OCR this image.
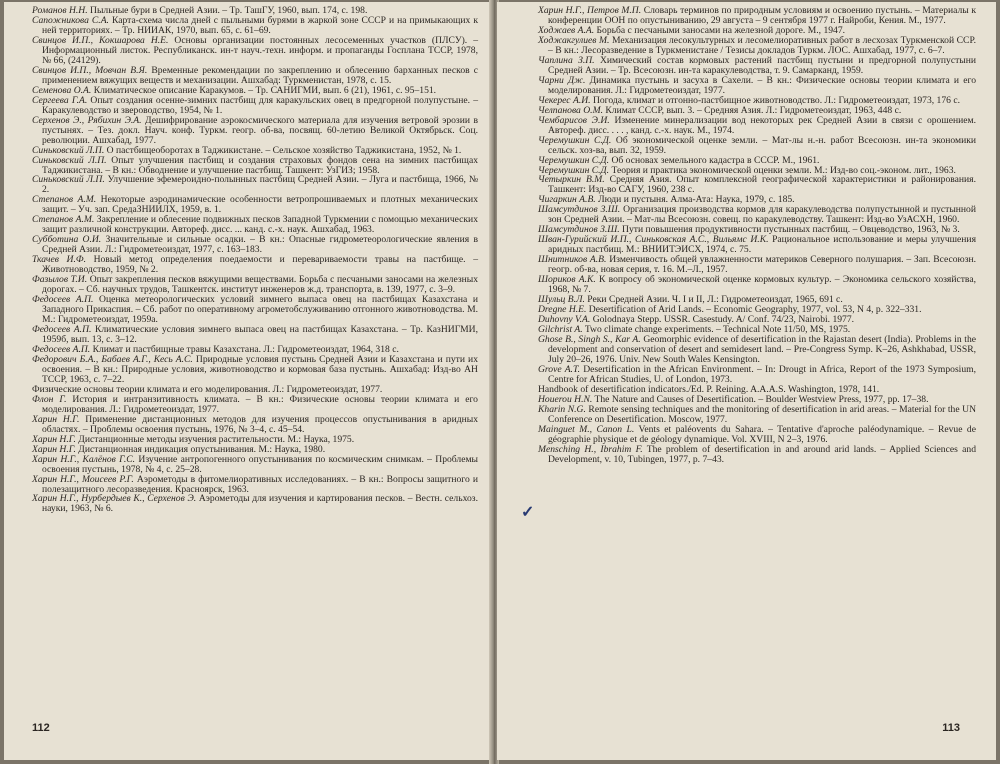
Романов Н.Н. Пыльные бури в Средней Азии. – Тр. ТашГУ, 1960, вып. 174, с. 198.

Сапожникова С.А. Карта-схема числа дней с пыльными бурями в жаркой зоне СССР и на примыкающих к ней территориях. – Тр. НИИАК, 1970, вып. 65, с. 61–69.

Свинцов И.П., Кокшарова Н.Е. Основы организации постоянных лесосеменных участков (ПЛСУ). – Информационный листок. Республиканск. ин-т науч.-техн. информ. и пропаганды Госплана ТССР, 1978, № 66, (24129).

Свинцов И.П., Мовчан В.Я. Временные рекомендации по закреплению и облесению барханных песков с применением вяжущих веществ и механизации. Ашхабад: Туркменистан, 1978, с. 15.

Семенова О.А. Климатическое описание Каракумов. – Тр. САНИГМИ, вып. 6 (21), 1961, с. 95–151.

Сергеева Г.А. Опыт создания осенне-зимних пастбищ для каракульских овец в предгорной полупустыне. – Каракулеводство и звероводство, 1954, № 1.

Серхенов Э., Рябихин Э.А. Дешифрирование аэрокосмического материала для изучения ветровой эрозии в пустынях. – Тез. докл. Науч. конф. Туркм. геогр. об-ва, посвящ. 60-летию Великой Октябрьск. Соц. революции. Ашхабад, 1977.

Синьковский Л.П. О пастбищеоборотах в Таджикистане. – Сельское хозяйство Таджикистана, 1952, № 1.

Синьковский Л.П. Опыт улучшения пастбищ и создания страховых фондов сена на зимних пастбищах Таджикистана. – В кн.: Обводнение и улучшение пастбищ. Ташкент: УзГИЗ; 1958.

Синьковский Л.П. Улучшение эфемероидно-полынных пастбищ Средней Азии. – Луга и пастбища, 1966, № 2.

Степанов А.М. Некоторые аэродинамические особенности ветропрошиваемых и плотных механических защит. – Уч. зап. СредаЗНИИЛХ, 1959, в. 1.

Степанов А.М. Закрепление и облесение подвижных песков Западной Туркмении с помощью механических защит различной конструкции. Автореф. дисс. ... канд. с.-х. наук. Ашхабад, 1963.

Субботина О.И. Значительные и сильные осадки. – В кн.: Опасные гидрометеорологические явления в Средней Азии. Л.: Гидрометеоиздат, 1977, с. 163–183.

Ткачев И.Ф. Новый метод определения поедаемости и перевариваемости травы на пастбище. – Животноводство, 1959, № 2.

Фазылов Т.И. Опыт закрепления песков вяжущими веществами. Борьба с песчаными заносами на железных дорогах. – Сб. научных трудов, Ташкентск. институт инженеров ж.д. транспорта, в. 139, 1977, с. 3–9.

Федосеев А.П. Оценка метеорологических условий зимнего выпаса овец на пастбищах Казахстана и Западного Прикаспия. – Сб. работ по оперативному агрометобслуживанию отгонного животноводства. М. М.: Гидрометеоиздат, 1959а.

Федосеев А.П. Климатические условия зимнего выпаса овец на пастбищах Казахстана. – Тр. КазНИГМИ, 1959б, вып. 13, с. 3–12.

Федосеев А.П. Климат и пастбищные травы Казахстана. Л.: Гидрометеоиздат, 1964, 318 с.

Федорович Б.А., Бабаев А.Г., Кесь А.С. Природные условия пустынь Средней Азии и Казахстана и пути их освоения. – В кн.: Природные условия, животноводство и кормовая база пустынь. Ашхабад: Изд-во АН ТССР, 1963, с. 7–22.

Физические основы теории климата и его моделирования. Л.: Гидрометеоиздат, 1977.

Флон Г. История и интранзитивность климата. – В кн.: Физические основы теории климата и его моделирования. Л.: Гидрометеоиздат, 1977.

Харин Н.Г. Применение дистанционных методов для изучения процессов опустынивания в аридных областях. – Проблемы освоения пустынь, 1976, № 3–4, с. 45–54.

Харин Н.Г. Дистанционные методы изучения растительности. М.: Наука, 1975.

Харин Н.Г. Дистанционная индикация опустынивания. М.: Наука, 1980.

Харин Н.Г., Калёнов Г.С. Изучение антропогенного опустынивания по космическим снимкам. – Проблемы освоения пустынь, 1978, № 4, с. 25–28.

Харин Н.Г., Моисеев Р.Г. Аэрометоды в фитомелиоративных исследованиях. – В кн.: Вопросы защитного и полезащитного лесоразведения. Красноярск, 1963.

Харин Н.Г., Нурбердыев К., Серхенов Э. Аэрометоды для изучения и картирования песков. – Вестн. сельхоз. науки, 1963, № 6.

112
✓

Харин Н.Г., Петров М.П. Словарь терминов по природным условиям и освоению пустынь. – Материалы к конференции ООН по опустыниванию, 29 августа – 9 сентября 1977 г. Найроби, Кения. М., 1977.

Ходжаев А.А. Борьба с песчаными заносами на железной дороге. М., 1947.

Ходжакгулиев М. Механизация лесокультурных и лесомелиоративных работ в лесхозах Туркменской ССР. – В кн.: Лесоразведение в Туркменистане / Тезисы докладов Туркм. ЛОС. Ашхабад, 1977, с. 6–7.

Чаплина З.П. Химический состав кормовых растений пастбищ пустыни и предгорной полупустыни Средней Азии. – Тр. Всесоюзн. ин-та каракулеводства, т. 9. Самарканд, 1959.

Чарни Дж. Динамика пустынь и засуха в Сахели. – В кн.: Физические основы теории климата и его моделирования. Л.: Гидрометеоиздат, 1977.

Чекерес А.И. Погода, климат и отгонно-пастбищное животноводство. Л.: Гидрометеоиздат, 1973, 176 с.

Челпанова О.М. Климат СССР, вып. 3. – Средняя Азия. Л.: Гидрометеоиздат, 1963, 448 с.

Чембарисов Э.И. Изменение минерализации вод некоторых рек Средней Азии в связи с орошением. Автореф. дисс. . . . , канд. с.-х. наук. М., 1974.

Черемушкин С.Д. Об экономической оценке земли. – Мат-лы н.-н. работ Всесоюзн. ин-та экономики сельск. хоз-ва, вып. 32, 1959.

Черемушкин С.Д. Об основах земельного кадастра в СССР. М., 1961.

Черемушкин С.Д. Теория и практика экономической оценки земли. М.: Изд-во соц.-эконом. лит., 1963.

Четыркин В.М. Средняя Азия. Опыт комплексной географической характеристики и районирования. Ташкент: Изд-во САГУ, 1960, 238 с.

Чигаркин А.В. Люди и пустыня. Алма-Ата: Наука, 1979, с. 185.

Шамсутдинов З.Ш. Организация производства кормов для каракулеводства полупустынной и пустынной зон Средней Азии. – Мат-лы Всесоюзн. совещ. по каракулеводству. Ташкент: Изд-во УзАСХН, 1960.

Шамсутдинов З.Ш. Пути повышения продуктивности пустынных пастбищ. – Овцеводство, 1963, № 3.

Шван-Гурийский И.П., Синьковская А.С., Вильямс И.К. Рациональное использование и меры улучшения аридных пастбищ. М.: ВНИИТЭИСХ, 1974, с. 75.

Шнитников А.В. Изменчивость общей увлажненности материков Северного полушария. – Зап. Всесоюзн. геогр. об-ва, новая серия, т. 16. М.–Л., 1957.

Шориков А.К. К вопросу об экономической оценке кормовых культур. – Экономика сельского хозяйства, 1968, № 7.

Шульц В.Л. Реки Средней Азии. Ч. I и II, Л.: Гидрометеоиздат, 1965, 691 с.

Dregne H.E. Desertification of Arid Lands. – Economic Geography, 1977, vol. 53, N 4, p. 322–331.

Duhovny V.A. Golodnaya Stepp. USSR. Casestudy. A/ Conf. 74/23, Nairobi. 1977.

Gilchrist A. Two climate change experiments. – Technical Note 11/50, MS, 1975.

Ghose B., Singh S., Kar A. Geomorphic evidence of desertification in the Rajastan desert (India). Problems in the development and conservation of desert and semidesert land. – Pre-Congress Symp. K–26, Ashkhabad, USSR, July 20–26, 1976. Univ. New South Wales Kensington.

Grove A.T. Desertification in the African Environment. – In: Drougt in Africa, Report of the 1973 Symposium, Centre for African Studies, U. of London, 1973.

Handbook of desertification indicators./Ed. P. Reining. A.A.A.S. Washington, 1978, 141.

Houerou H.N. The Nature and Causes of Desertification. – Boulder Westview Press, 1977, pp. 17–38.

Kharin N.G. Remote sensing techniques and the monitoring of desertification in arid areas. – Material for the UN Conference on Desertification. Moscow, 1977.

Mainguet M., Canon L. Vents et paléovents du Sahara. – Tentative d'aproche paléodynamique. – Revue de géographie physique et de géology dynamique. Vol. XVIII, N 2–3, 1976.

Mensching H., Ibrahim F. The problem of desertification in and around arid lands. – Applied Sciences and Development, v. 10, Tubingen, 1977, p. 7–43.

113
